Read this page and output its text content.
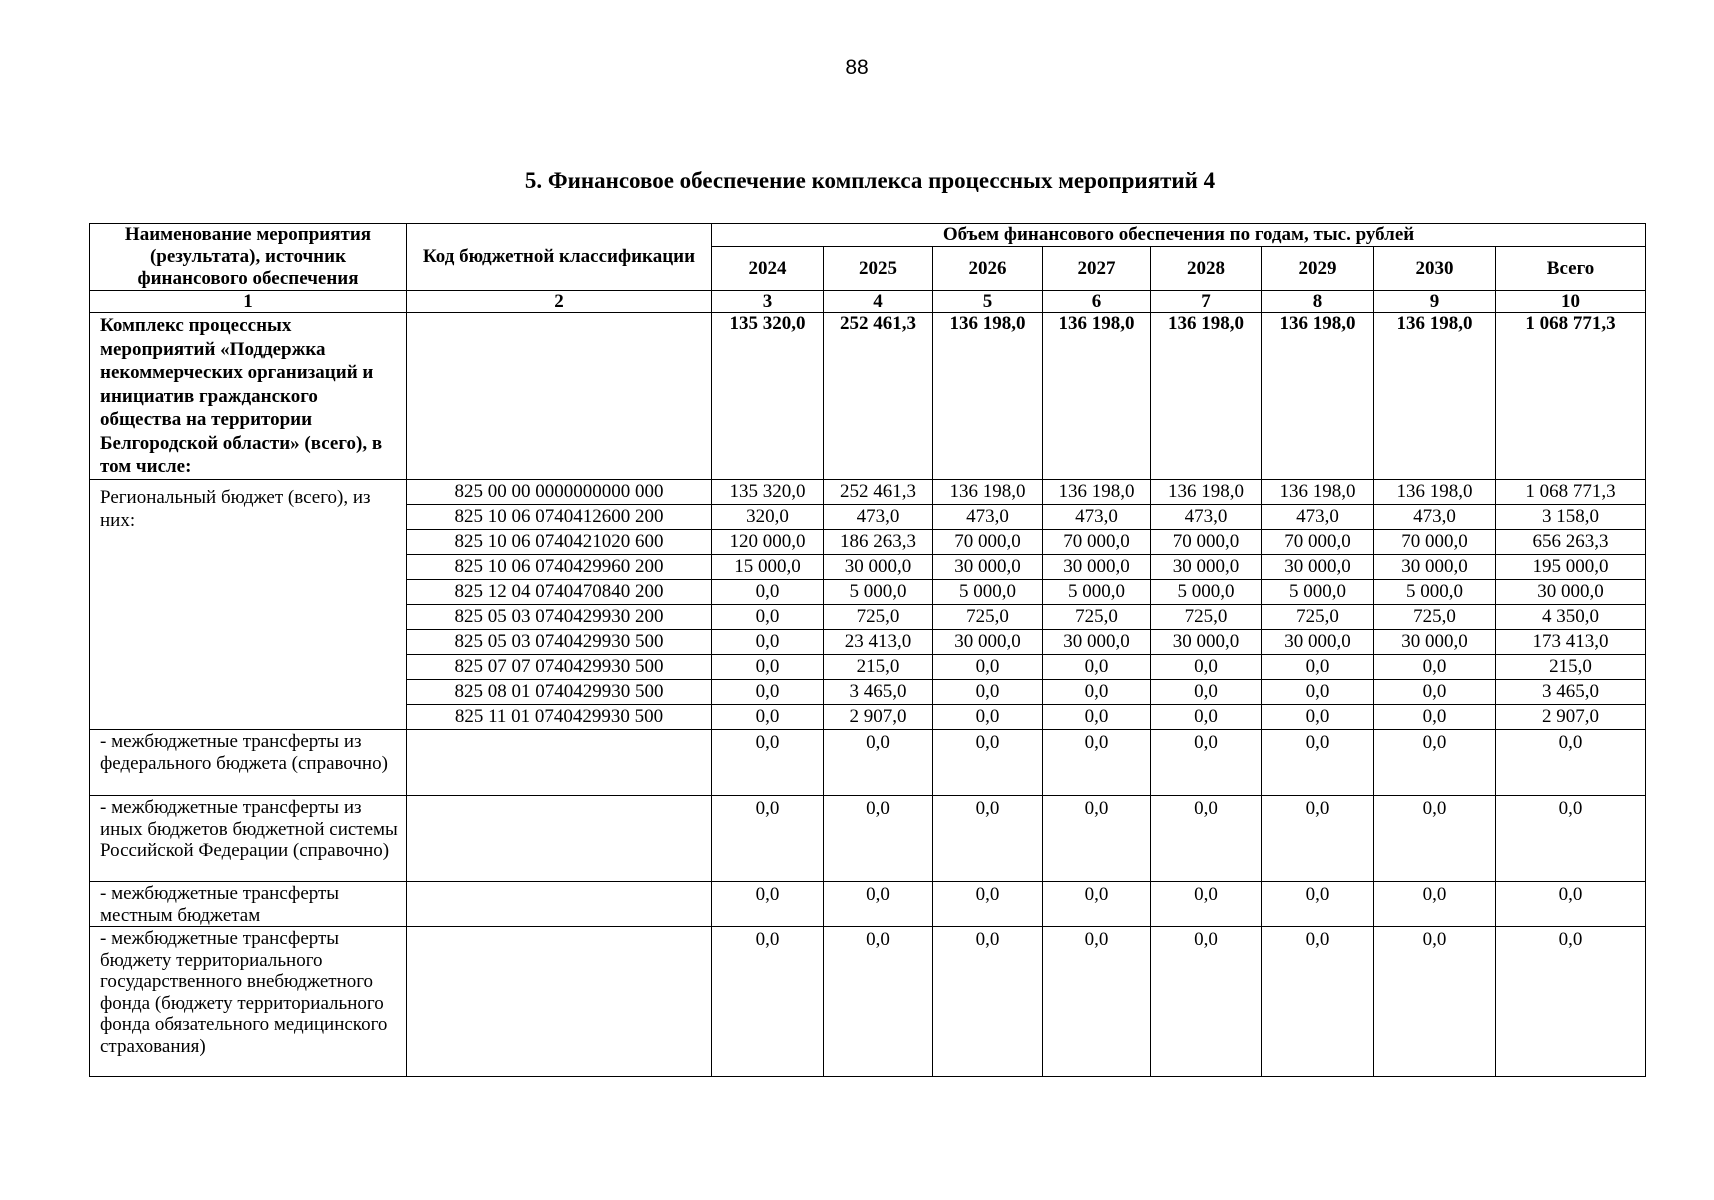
88
5. Финансовое обеспечение комплекса процессных мероприятий 4
Наименование мероприятия (результата), источник финансового обеспечения	Код бюджетной классификации	Объем финансового обеспечения по годам, тыс. рублей							
		2024	2025	2026	2027	2028	2029	2030	Всего
1	2	3	4	5	6	7	8	9	10
Комплекс процессных мероприятий «Поддержка некоммерческих организаций и инициатив гражданского общества на территории Белгородской области» (всего), в том числе:		135 320,0	252 461,3	136 198,0	136 198,0	136 198,0	136 198,0	136 198,0	1 068 771,3
Региональный бюджет (всего), из них:	825 00 00 0000000000 000	135 320,0	252 461,3	136 198,0	136 198,0	136 198,0	136 198,0	136 198,0	1 068 771,3
	825 10 06 0740412600 200	320,0	473,0	473,0	473,0	473,0	473,0	473,0	3 158,0
	825 10 06 0740421020 600	120 000,0	186 263,3	70 000,0	70 000,0	70 000,0	70 000,0	70 000,0	656 263,3
	825 10 06 0740429960 200	15 000,0	30 000,0	30 000,0	30 000,0	30 000,0	30 000,0	30 000,0	195 000,0
	825 12 04 0740470840 200	0,0	5 000,0	5 000,0	5 000,0	5 000,0	5 000,0	5 000,0	30 000,0
	825 05 03 0740429930 200	0,0	725,0	725,0	725,0	725,0	725,0	725,0	4 350,0
	825 05 03 0740429930 500	0,0	23 413,0	30 000,0	30 000,0	30 000,0	30 000,0	30 000,0	173 413,0
	825 07 07 0740429930 500	0,0	215,0	0,0	0,0	0,0	0,0	0,0	215,0
	825 08 01 0740429930 500	0,0	3 465,0	0,0	0,0	0,0	0,0	0,0	3 465,0
	825 11 01 0740429930 500	0,0	2 907,0	0,0	0,0	0,0	0,0	0,0	2 907,0
- межбюджетные трансферты из федерального бюджета (справочно)		0,0	0,0	0,0	0,0	0,0	0,0	0,0	0,0
- межбюджетные трансферты из иных бюджетов бюджетной системы Российской Федерации (справочно)		0,0	0,0	0,0	0,0	0,0	0,0	0,0	0,0
- межбюджетные трансферты местным бюджетам		0,0	0,0	0,0	0,0	0,0	0,0	0,0	0,0
- межбюджетные трансферты бюджету территориального государственного внебюджетного фонда (бюджету территориального фонда обязательного медицинского страхования)		0,0	0,0	0,0	0,0	0,0	0,0	0,0	0,0
